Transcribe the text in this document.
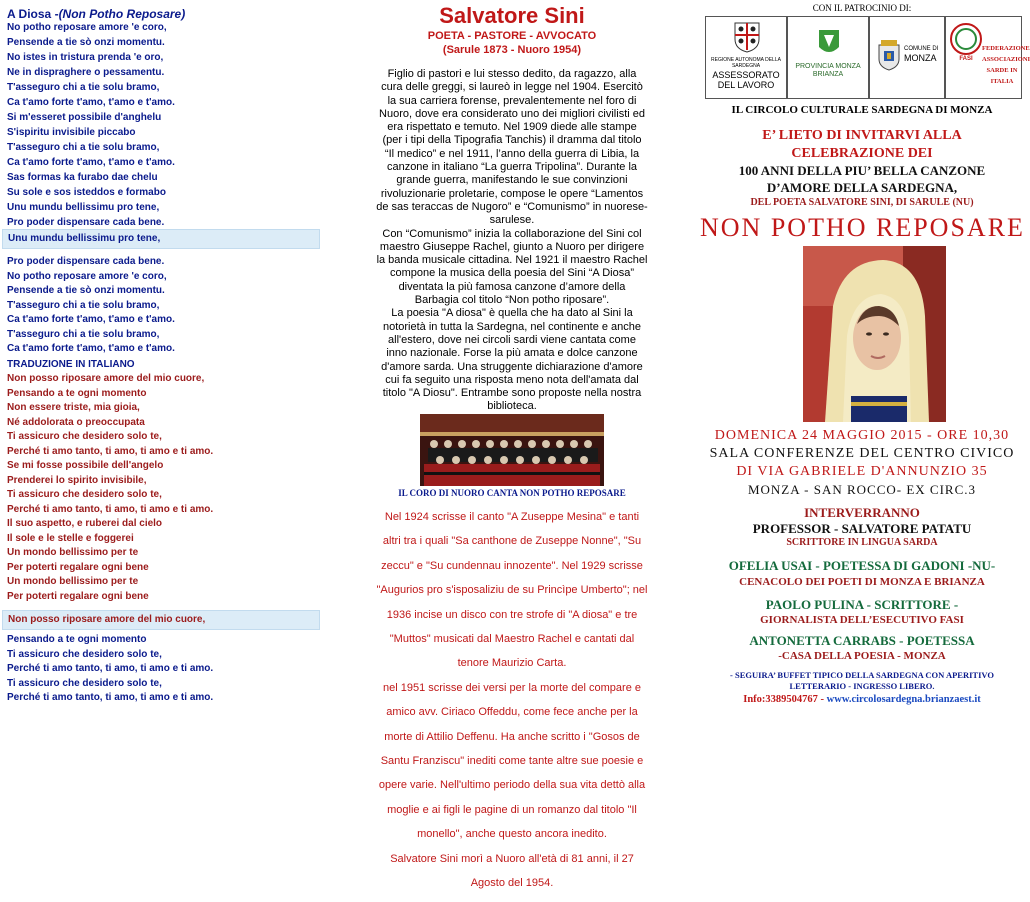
A Diosa -(Non Potho Reposare)
No potho reposare amore 'e coro,
Pensende a tie sò onzi momentu.
No istes in tristura prenda 'e oro,
Ne in dispraghere o pessamentu.
T'asseguro chi a tie solu bramo,
Ca t'amo forte t'amo, t'amo e t'amo.
Si m'esseret possibile d'anghelu
S'ispiritu invisibile piccabo
T'asseguro chi a tie solu bramo,
Ca t'amo forte t'amo, t'amo e t'amo.
Sas formas ka furabo dae chelu
Su sole e sos isteddos e formabo
Unu mundu bellissimu pro tene,
Pro poder dispensare cada bene.
Unu mundu bellissimu pro tene,
Pro poder dispensare cada bene.
No potho reposare amore 'e coro,
Pensende a tie sò onzi momentu.
T'asseguro chi a tie solu bramo,
Ca t'amo forte t'amo, t'amo e t'amo.
T'asseguro chi a tie solu bramo,
Ca t'amo forte t'amo, t'amo e t'amo.
TRADUZIONE IN ITALIANO
Non posso riposare amore del mio cuore,
Pensando a te ogni momento
Non essere triste, mia gioia,
Né addolorata o preoccupata
Ti assicuro che desidero solo te,
Perché ti amo tanto, ti amo, ti amo e ti amo.
Se mi fosse possibile dell'angelo
Prenderei lo spirito invisibile,
Ti assicuro che desidero solo te,
Perché ti amo tanto, ti amo, ti amo e ti amo.
Il suo aspetto, e ruberei dal cielo
Il sole e le stelle e foggerei
Un mondo bellissimo per te
Per poterti regalare ogni bene
Un mondo bellissimo per te
Per poterti regalare ogni bene
Non posso riposare amore del mio cuore,
Pensando a te ogni momento
Ti assicuro che desidero solo te,
Perché ti amo tanto, ti amo, ti amo e ti amo.
Ti assicuro che desidero solo te,
Perché ti amo tanto, ti amo, ti amo e ti amo.
Salvatore Sini
POETA - PASTORE - AVVOCATO
(Sarule 1873 - Nuoro 1954)

Figlio di pastori e lui stesso dedito, da ragazzo, alla

cura delle greggi, si laureò in legge nel 1904. Esercitò

la sua carriera forense, prevalentemente nel foro di

Nuoro, dove era considerato uno dei migliori civilisti ed

era rispettato e temuto. Nel 1909 diede alle stampe

(per i tipi della Tipografia Tanchis) il dramma dal titolo

“Il medico” e nel 1911, l’anno della guerra di Libia, la

canzone in italiano “La guerra Tripolina”. Durante la

grande guerra, manifestando le sue convinzioni

rivoluzionarie proletarie, compose le opere “Lamentos

de sas teraccas de Nugoro” e “Comunismo” in nuorese-

sarulese.

Con “Comunismo” inizia la collaborazione del Sini col

maestro Giuseppe Rachel, giunto a Nuoro per dirigere

la banda musicale cittadina. Nel 1921 il maestro Rachel

compone la musica della poesia del Sini “A Diosa”

diventata la più famosa canzone d’amore della

Barbagia col titolo “Non potho riposare”.

La poesia "A diosa" è quella che ha dato al Sini la

notorietà in tutta la Sardegna, nel continente e anche

all'estero, dove nei circoli sardi viene cantata come

inno nazionale. Forse la più amata e dolce canzone

d'amore sarda. Una struggente dichiarazione d'amore

cui fa seguito una risposta meno nota dell'amata dal

titolo "A Diosu". Entrambe sono proposte nella nostra

biblioteca.

IL CORO DI NUORO CANTA NON POTHO REPOSARE

Nel 1924 scrisse il canto "A Zuseppe Mesina" e tanti

altri tra i quali "Sa canthone de Zuseppe Nonne", "Su

zeccu" e "Su cundennau innozente". Nel 1929 scrisse

"Augurios pro s'isposaliziu de su Princìpe Umberto"; nel

1936 incise un disco con tre strofe di "A diosa" e tre

"Muttos" musicati dal Maestro Rachel e cantati dal

tenore Maurizio Carta.

nel 1951 scrisse dei versi per la morte del compare e

amico avv. Ciriaco Offeddu, come fece anche per la

morte di Attilio Deffenu. Ha anche scritto i "Gosos de

Santu Franziscu" inediti come tante altre sue poesie e

opere varie. Nell'ultimo periodo della sua vita dettò alla

moglie e ai figli le pagine di un romanzo dal titolo "Il

monello", anche questo ancora inedito.

Salvatore Sini morì a Nuoro all'età di 81 anni, il 27

Agosto del 1954.

CON IL PATROCINIO DI:
REGIONE AUTONOMA DELLA SARDEGNA
ASSESSORATO DEL LAVORO
PROVINCIA MONZA BRIANZA
COMUNE DI
MONZA	FASI
FEDERAZIONE ASSOCIAZIONI SARDE IN ITALIA
IL CIRCOLO CULTURALE SARDEGNA DI MONZA
E’ LIETO DI INVITARVI ALLA
CELEBRAZIONE DEI
100 ANNI DELLA PIU’ BELLA CANZONE
D’AMORE DELLA SARDEGNA,
DEL POETA SALVATORE SINI, DI SARULE (NU)
NON POTHO REPOSARE
DOMENICA 24 MAGGIO 2015 - ORE 10,30
SALA CONFERENZE DEL CENTRO CIVICO
DI VIA GABRIELE D'ANNUNZIO 35
MONZA - SAN ROCCO- EX CIRC.3
INTERVERRANNO
PROFESSOR - SALVATORE PATATU
SCRITTORE IN LINGUA SARDA
OFELIA USAI - POETESSA DI GADONI -NU-
CENACOLO DEI POETI DI MONZA E BRIANZA
PAOLO PULINA - SCRITTORE -
GIORNALISTA DELL’ESECUTIVO FASI
ANTONETTA CARRABS - POETESSA
-CASA DELLA POESIA - MONZA
- SEGUIRA’ BUFFET TIPICO DELLA SARDEGNA CON APERITIVO
LETTERARIO - INGRESSO LIBERO.
Info:3389504767 - www.circolosardegna.brianzaest.it
